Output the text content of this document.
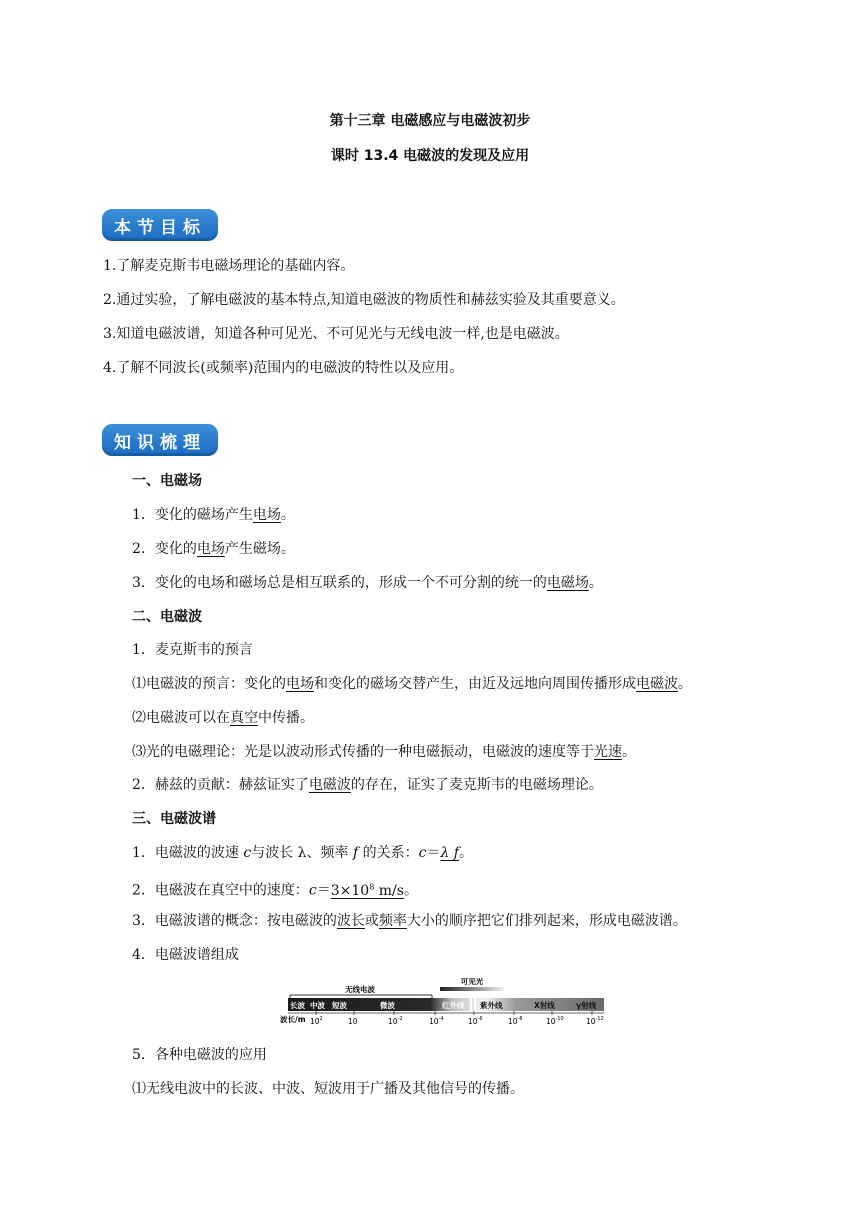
第十三章 电磁感应与电磁波初步
课时 13.4 电磁波的发现及应用
本节目标
1.了解麦克斯韦电磁场理论的基础内容。
2.通过实验，了解电磁波的基本特点,知道电磁波的物质性和赫兹实验及其重要意义。
3.知道电磁波谱，知道各种可见光、不可见光与无线电波一样,也是电磁波。
4.了解不同波长(或频率)范围内的电磁波的特性以及应用。
知识梳理
一、电磁场
1．变化的磁场产生电场。
2．变化的电场产生磁场。
3．变化的电场和磁场总是相互联系的，形成一个不可分割的统一的电磁场。
二、电磁波
1．麦克斯韦的预言
⑴电磁波的预言：变化的电场和变化的磁场交替产生，由近及远地向周围传播形成电磁波。
⑵电磁波可以在真空中传播。
⑶光的电磁理论：光是以波动形式传播的一种电磁振动，电磁波的速度等于光速。
2．赫兹的贡献：赫兹证实了电磁波的存在，证实了麦克斯韦的电磁场理论。
三、电磁波谱
1．电磁波的波速 c与波长 λ、频率 f 的关系：c＝λ f。
2．电磁波在真空中的速度：$c=3\times 10^8$ m/s。
3．电磁波谱的概念：按电磁波的波长或频率大小的顺序把它们排列起来，形成电磁波谱。
4．电磁波谱组成
无线电波
可见光
长波 中波 短波	微波	红外线 紫外线	X射线	γ射线
波长/m $10^2$	10	$10^{-2}$	$10^{-4}$	$10^{-6}$	$10^{-8}$	$10^{-10}$	$10^{-12}$
5．各种电磁波的应用
⑴无线电波中的长波、中波、短波用于广播及其他信号的传播。
